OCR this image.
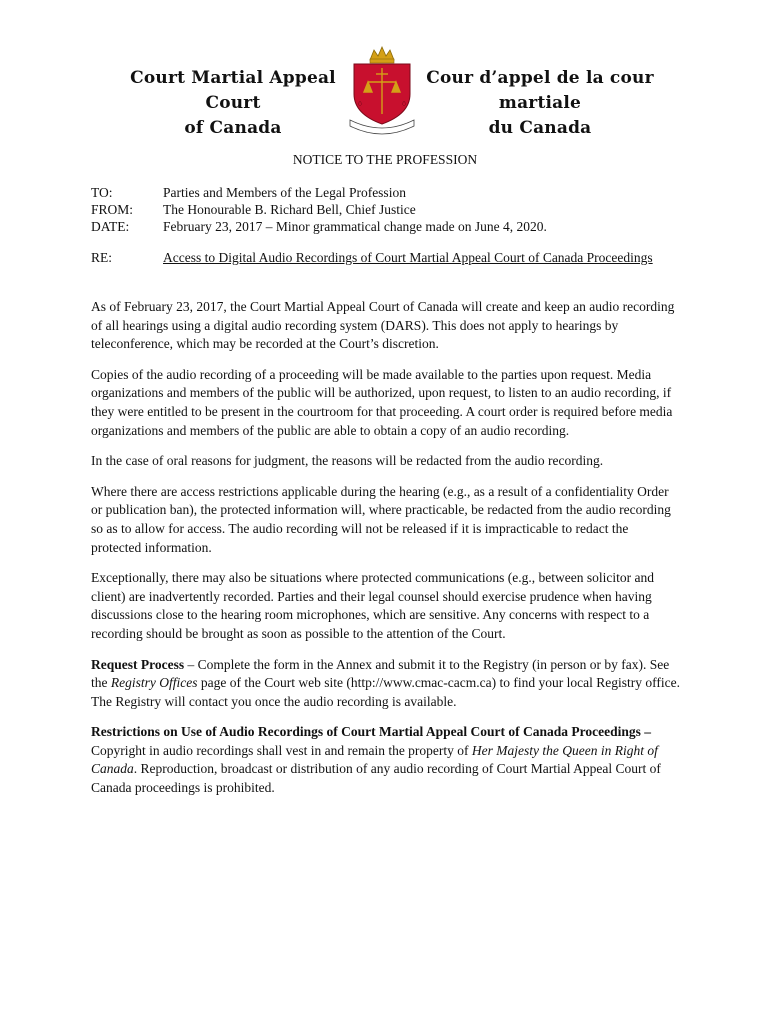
Court Martial Appeal Court
of Canada
Cour d’appel de la cour martiale
du Canada
NOTICE TO THE PROFESSION
TO:	Parties and Members of the Legal Profession
FROM:	The Honourable B. Richard Bell, Chief Justice
DATE:	February 23, 2017 – Minor grammatical change made on June 4, 2020.
RE:	Access to Digital Audio Recordings of Court Martial Appeal Court of Canada Proceedings

As of February 23, 2017, the Court Martial Appeal Court of Canada will create and keep an audio recording of all hearings using a digital audio recording system (DARS). This does not apply to hearings by teleconference, which may be recorded at the Court’s discretion.

Copies of the audio recording of a proceeding will be made available to the parties upon request. Media organizations and members of the public will be authorized, upon request, to listen to an audio recording, if they were entitled to be present in the courtroom for that proceeding. A court order is required before media organizations and members of the public are able to obtain a copy of an audio recording.

In the case of oral reasons for judgment, the reasons will be redacted from the audio recording.

Where there are access restrictions applicable during the hearing (e.g., as a result of a confidentiality Order or publication ban), the protected information will, where practicable, be redacted from the audio recording so as to allow for access. The audio recording will not be released if it is impracticable to redact the protected information.

Exceptionally, there may also be situations where protected communications (e.g., between solicitor and client) are inadvertently recorded. Parties and their legal counsel should exercise prudence when having discussions close to the hearing room microphones, which are sensitive. Any concerns with respect to a recording should be brought as soon as possible to the attention of the Court.

Request Process – Complete the form in the Annex and submit it to the Registry (in person or by fax). See the Registry Offices page of the Court web site (http://www.cmac-cacm.ca) to find your local Registry office. The Registry will contact you once the audio recording is available.

Restrictions on Use of Audio Recordings of Court Martial Appeal Court of Canada Proceedings – Copyright in audio recordings shall vest in and remain the property of Her Majesty the Queen in Right of Canada. Reproduction, broadcast or distribution of any audio recording of Court Martial Appeal Court of Canada proceedings is prohibited.
